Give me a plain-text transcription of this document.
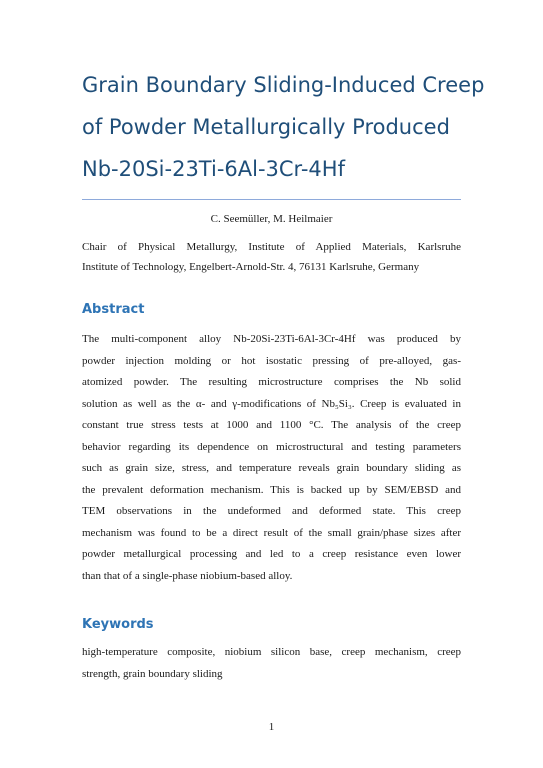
Grain Boundary Sliding-Induced Creep
of Powder Metallurgically Produced
Nb-20Si-23Ti-6Al-3Cr-4Hf
C. Seemüller, M. Heilmaier
Chair of Physical Metallurgy, Institute of Applied Materials, Karlsruhe
Institute of Technology, Engelbert-Arnold-Str. 4, 76131 Karlsruhe, Germany
Abstract
The multi-component alloy Nb-20Si-23Ti-6Al-3Cr-4Hf was produced by
powder injection molding or hot isostatic pressing of pre-alloyed, gas-
atomized powder. The resulting microstructure comprises the Nb solid
solution as well as the α- and γ-modifications of Nb₅Si₃. Creep is evaluated in
constant true stress tests at 1000 and 1100 °C. The analysis of the creep
behavior regarding its dependence on microstructural and testing parameters
such as grain size, stress, and temperature reveals grain boundary sliding as
the prevalent deformation mechanism. This is backed up by SEM/EBSD and
TEM observations in the undeformed and deformed state. This creep
mechanism was found to be a direct result of the small grain/phase sizes after
powder metallurgical processing and led to a creep resistance even lower
than that of a single-phase niobium-based alloy.
Keywords
high-temperature composite, niobium silicon base, creep mechanism, creep
strength, grain boundary sliding
1
